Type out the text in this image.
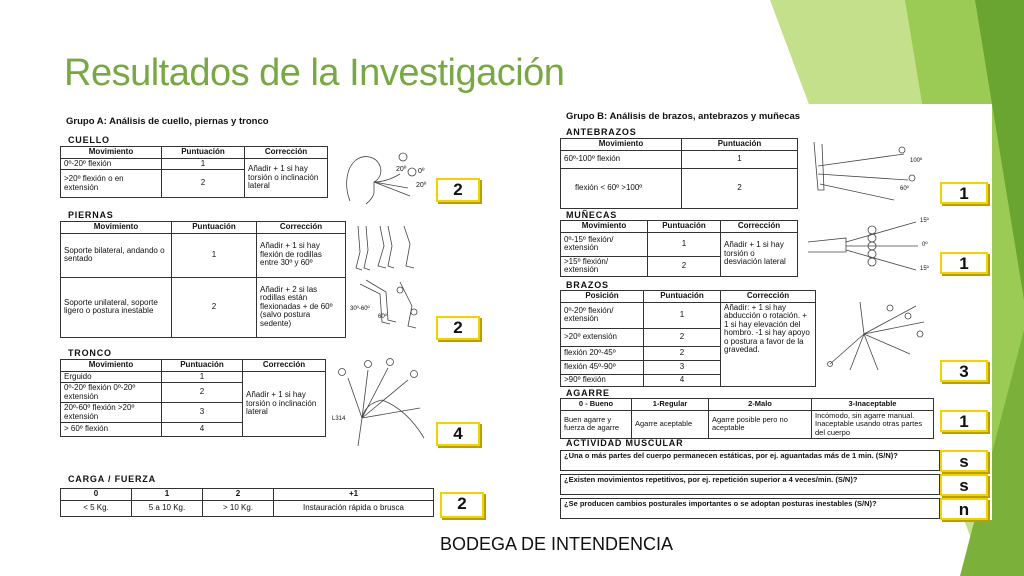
Resultados de la Investigación
Grupo A: Análisis de cuello, piernas y tronco
CUELLO
Movimiento	Puntuación	Corrección
0º-20º flexión	1	Añadir + 1 si hay torsión o inclinación lateral
>20º flexión o en extensión	2	
20º 0º
20º	2
PIERNAS
Movimiento	Puntuación	Corrección
Soporte bilateral, andando o sentado	1	Añadir + 1 si hay flexión de rodillas entre 30º y 60º
Soporte unilateral, soporte ligero o postura inestable	2	Añadir + 2 si las rodillas están flexionadas + de 60º (salvo postura sedente)
30º-60º
60º
2
TRONCO
Movimiento	Puntuación	Corrección
Erguido	1	Añadir + 1 si hay torsión o inclinación lateral
0º-20º flexión 0º-20º extensión	2	
20º-60º flexión >20º extensión	3	
> 60º flexión	4	
L314
4
CARGA / FUERZA
0	1	2	+1
< 5 Kg.	5 a 10 Kg.	> 10 Kg.	Instauración rápida o brusca	2
Grupo B: Análisis de brazos, antebrazos y muñecas
ANTEBRAZOS
Movimiento	Puntuación
60º-100º flexión	1
flexión < 60º >100º	2
100º
60º	1
MUÑECAS
Movimiento	Puntuación	Corrección
0º-15º flexión/ extensión	1	Añadir + 1 si hay torsión o desviación lateral
>15º flexión/ extensión	2	
15º
0º
15º	1
BRAZOS
Posición	Puntuación	Corrección
0º-20º flexión/ extensión	1	Añadir: + 1 si hay abducción o rotación. + 1 si hay elevación del hombro. -1 si hay apoyo o postura a favor de la gravedad.
>20º extensión	2	
flexión 20º-45º	2	
flexión 45º-90º	3	
>90º flexión	4		3
AGARRE
0 - Bueno	1-Regular	2-Malo	3-Inaceptable
Buen agarre y fuerza de agarre	Agarre aceptable	Agarre posible pero no aceptable	Incómodo, sin agarre manual. Inaceptable usando otras partes del cuerpo
1
ACTIVIDAD MUSCULAR
¿Una o más partes del cuerpo permanecen estáticas, por ej. aguantadas más de 1 min. (S/N)?	s
¿Existen movimientos repetitivos, por ej. repetición superior a 4 veces/min. (S/N)?	s
¿Se producen cambios posturales importantes o se adoptan posturas inestables (S/N)?	n
BODEGA DE INTENDENCIA
